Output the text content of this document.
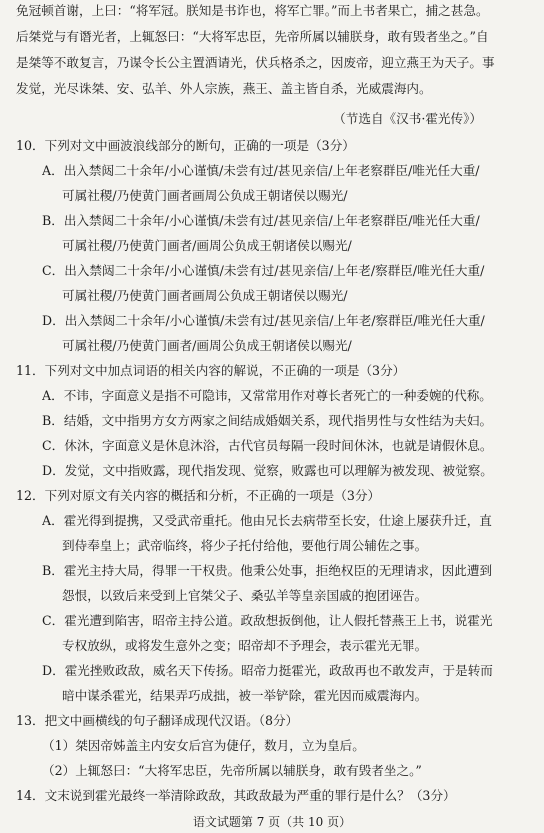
免冠顿首谢，上曰：“将军冠。朕知是书诈也，将军亡罪。”而上书者果亡，捕之甚急。
后桀党与有谮光者，上辄怒曰：“大将军忠臣，先帝所属以辅朕身，敢有毁者坐之。”自
是桀等不敢复言，乃谋令长公主置酒请光，伏兵格杀之，因废帝，迎立燕王为天子。事
发觉，光尽诛桀、安、弘羊、外人宗族，燕王、盖主皆自杀，光威震海内。
（节选自《汉书·霍光传》）
10．下列对文中画波浪线部分的断句，正确的一项是（3分）
A．出入禁闼二十余年/小心谨慎/未尝有过/甚见亲信/上年老察群臣/唯光任大重/
可属社稷/乃使黄门画者画周公负成王朝诸侯以赐光/
B．出入禁闼二十余年/小心谨慎/未尝有过/甚见亲信/上年老察群臣/唯光任大重/
可属社稷/乃使黄门画者/画周公负成王朝诸侯以赐光/
C．出入禁闼二十余年/小心谨慎/未尝有过/甚见亲信/上年老/察群臣/唯光任大重/
可属社稷/乃使黄门画者画周公负成王朝诸侯以赐光/
D．出入禁闼二十余年/小心谨慎/未尝有过/甚见亲信/上年老/察群臣/唯光任大重/
可属社稷/乃使黄门画者/画周公负成王朝诸侯以赐光/
11．下列对文中加点词语的相关内容的解说，不正确的一项是（3分）
A．不讳，字面意义是指不可隐讳，又常常用作对尊长者死亡的一种委婉的代称。
B．结婚，文中指男方女方两家之间结成婚姻关系，现代指男性与女性结为夫妇。
C．休沐，字面意义是休息沐浴，古代官员每隔一段时间休沐，也就是请假休息。
D．发觉，文中指败露，现代指发现、觉察，败露也可以理解为被发现、被觉察。
12．下列对原文有关内容的概括和分析，不正确的一项是（3分）
A．霍光得到提携，又受武帝重托。他由兄长去病带至长安，仕途上屡获升迁，直
到侍奉皇上；武帝临终，将少子托付给他，要他行周公辅佐之事。
B．霍光主持大局，得罪一干权贵。他秉公处事，拒绝权臣的无理请求，因此遭到
怨恨，以致后来受到上官桀父子、桑弘羊等皇亲国戚的抱团诬告。
C．霍光遭到陷害，昭帝主持公道。政敌想扳倒他，让人假托替燕王上书，说霍光
专权放纵，或将发生意外之变；昭帝却不予理会，表示霍光无罪。
D．霍光挫败政敌，威名天下传扬。昭帝力挺霍光，政敌再也不敢发声，于是转而
暗中谋杀霍光，结果弄巧成拙，被一举铲除，霍光因而威震海内。
13．把文中画横线的句子翻译成现代汉语。（8分）
（1）桀因帝姊盖主内安女后宫为倢仔，数月，立为皇后。
（2）上辄怒曰：“大将军忠臣，先帝所属以辅朕身，敢有毁者坐之。”
14．文末说到霍光最终一举清除政敌，其政敌最为严重的罪行是什么？（3分）
语文试题第 7 页（共 10 页）
